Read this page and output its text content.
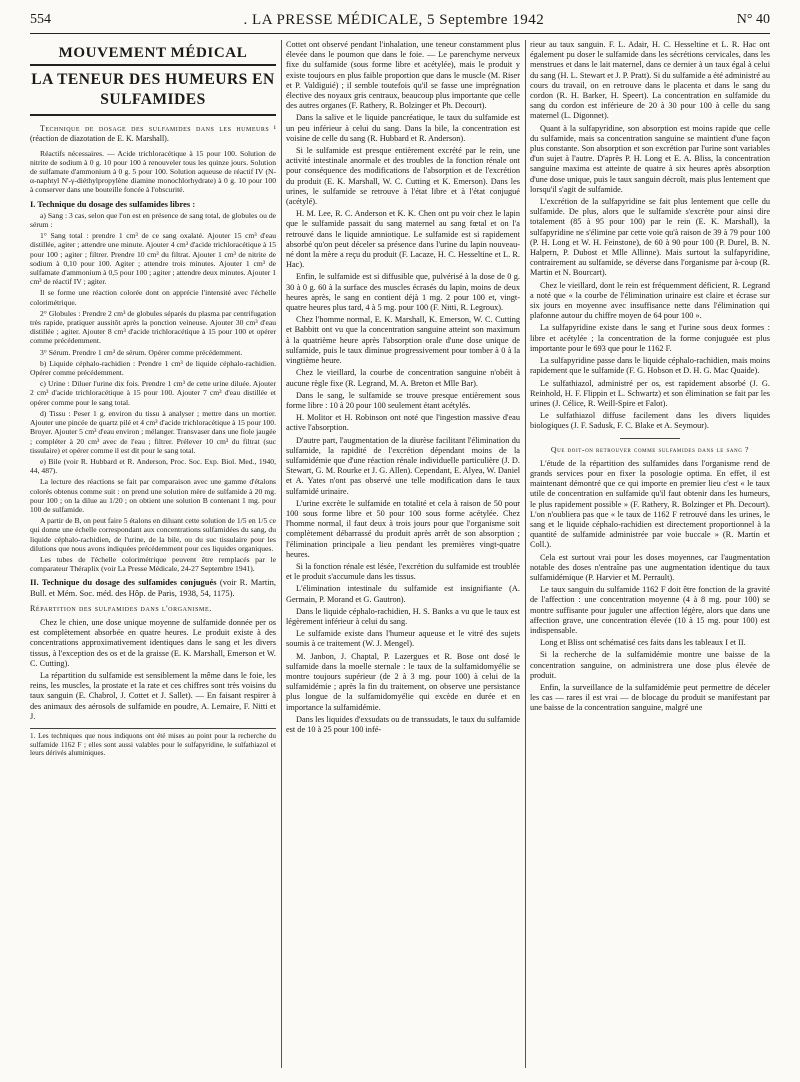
554	. LA PRESSE MÉDICALE, 5 Septembre 1942	N° 40
MOUVEMENT MÉDICAL
LA TENEUR DES HUMEURS EN SULFAMIDES

Technique de dosage des sulfamides dans les humeurs ¹ (réaction de diazotation de E. K. Marshall).

Réactifs nécessaires. — Acide trichloracétique à 15 pour 100. Solution de nitrite de sodium à 0 g. 10 pour 100 à renouveler tous les quinze jours. Solution de sulfamate d'ammonium à 0 g. 5 pour 100. Solution aqueuse de réactif IV (N-α-naphtyl N'-γ-diéthylpropylène diamine monochlorhydrate) à 0 g. 10 pour 100 à conserver dans une bouteille foncée à l'obscurité.

I. Technique du dosage des sulfamides libres :

a) Sang : 3 cas, selon que l'on est en présence de sang total, de globules ou de sérum :

1° Sang total : prendre 1 cm³ de ce sang oxalaté. Ajouter 15 cm³ d'eau distillée, agiter ; attendre une minute. Ajouter 4 cm³ d'acide trichloracétique à 15 pour 100 ; agiter ; filtrer. Prendre 10 cm³ du filtrat. Ajouter 1 cm³ de nitrite de sodium à 0,10 pour 100. Agiter ; attendre trois minutes. Ajouter 1 cm³ de sulfamate d'ammonium à 0,5 pour 100 ; agiter ; attendre deux minutes. Ajouter 1 cm³ de réactif IV ; agiter.

Il se forme une réaction colorée dont on apprécie l'intensité avec l'échelle colorimétrique.

2° Globules : Prendre 2 cm³ de globules séparés du plasma par centrifugation très rapide, pratiquer aussitôt après la ponction veineuse. Ajouter 30 cm³ d'eau distillée ; agiter. Ajouter 8 cm³ d'acide trichloracétique à 15 pour 100 et opérer comme précédemment.

3° Sérum. Prendre 1 cm³ de sérum. Opérer comme précédemment.

b) Liquide céphalo-rachidien : Prendre 1 cm³ de liquide céphalo-rachidien. Opérer comme précédemment.

c) Urine : Diluer l'urine dix fois. Prendre 1 cm³ de cette urine diluée. Ajouter 2 cm³ d'acide trichloracétique à 15 pour 100. Ajouter 7 cm³ d'eau distillée et opérer comme pour le sang total.

d) Tissu : Peser 1 g. environ du tissu à analyser ; mettre dans un mortier. Ajouter une pincée de quartz pilé et 4 cm³ d'acide trichloracétique à 15 pour 100. Broyer. Ajouter 5 cm³ d'eau environ ; mélanger. Transvaser dans une fiole jaugée ; compléter à 20 cm³ avec de l'eau ; filtrer. Prélever 10 cm³ du filtrat (suc tissulaire) et opérer comme il est dit pour le sang total.

e) Bile (voir R. Hubbard et R. Anderson, Proc. Soc. Exp. Biol. Med., 1940, 44, 487).

La lecture des réactions se fait par comparaison avec une gamme d'étalons colorés obtenus comme suit : on prend une solution mère de sulfamide à 20 mg. pour 100 ; on la dilue au 1/20 ; on obtient une solution B contenant 1 mg. pour 100 de sulfamide.

A partir de B, on peut faire 5 étalons en diluant cette solution de 1/5 en 1/5 ce qui donne une échelle correspondant aux concentrations sulfamidées du sang, du liquide céphalo-rachidien, de l'urine, de la bile, ou du suc tissulaire pour les dilutions que nous avons indiquées précédemment pour ces liquides organiques.

Les tubes de l'échelle colorimétrique peuvent être remplacés par le comparateur Théraplix (voir La Presse Médicale, 24-27 Septembre 1941).

II. Technique du dosage des sulfamides conjugués (voir R. Martin, Bull. et Mém. Soc. méd. des Hôp. de Paris, 1938, 54, 1175).

Répartition des sulfamides dans l'organisme.

Chez le chien, une dose unique moyenne de sulfamide donnée per os est complètement absorbée en quatre heures. Le produit existe à des concentrations approximativement identiques dans le sang et les divers tissus, à l'exception des os et de la graisse (E. K. Marshall, Emerson et W. C. Cutting).

La répartition du sulfamide est sensiblement la même dans le foie, les reins, les muscles, la prostate et la rate et ces chiffres sont très voisins du taux sanguin (E. Chabrol, J. Cottet et J. Sallet). — En faisant respirer à des animaux des aérosols de sulfamide en poudre, A. Lemaire, F. Nitti et J.

1. Les techniques que nous indiquons ont été mises au point pour la recherche du sulfamide 1162 F ; elles sont aussi valables pour le sulfapyridine, le sulfathiazol et leurs dérivés aluminiques.

Cottet ont observé pendant l'inhalation, une teneur constamment plus élevée dans le poumon que dans le foie. — Le parenchyme nerveux fixe du sulfamide (sous forme libre et acétylée), mais le produit y existe toujours en plus faible proportion que dans le muscle (M. Riser et P. Valdiguié) ; il semble toutefois qu'il se fasse une imprégnation élective des noyaux gris centraux, beaucoup plus importante que celle des autres organes (F. Rathery, R. Bolzinger et Ph. Decourt).

Dans la salive et le liquide pancréatique, le taux du sulfamide est un peu inférieur à celui du sang. Dans la bile, la concentration est voisine de celle du sang (R. Hubbard et R. Anderson).

Si le sulfamide est presque entièrement excrété par le rein, une activité intestinale anormale et des troubles de la fonction rénale ont pour conséquence des modifications de l'absorption et de l'excrétion du produit (E. K. Marshall, W. C. Cutting et K. Emerson). Dans les urines, le sulfamide se retrouve à l'état libre et à l'état conjugué (acétylé).

H. M. Lee, R. C. Anderson et K. K. Chen ont pu voir chez le lapin que le sulfamide passait du sang maternel au sang fœtal et on l'a retrouvé dans le liquide amniotique. Le sulfamide est si rapidement absorbé qu'on peut déceler sa présence dans l'urine du lapin nouveau-né dont la mère a reçu du produit (F. Lacaze, H. C. Hesseltine et L. R. Hac).

Enfin, le sulfamide est si diffusible que, pulvérisé à la dose de 0 g. 30 à 0 g. 60 à la surface des muscles écrasés du lapin, moins de deux heures après, le sang en contient déjà 1 mg. 2 pour 100 et, vingt-quatre heures plus tard, 4 à 5 mg. pour 100 (F. Nitti, R. Legroux).

Chez l'homme normal, E. K. Marshall, K. Emerson, W. C. Cutting et Babbitt ont vu que la concentration sanguine atteint son maximum à la quatrième heure après l'absorption orale d'une dose unique de sulfamide, puis le taux diminue progressivement pour tomber à 0 à la vingtième heure.

Chez le vieillard, la courbe de concentration sanguine n'obéit à aucune règle fixe (R. Legrand, M. A. Breton et Mlle Bar).

Dans le sang, le sulfamide se trouve presque entièrement sous forme libre : 10 à 20 pour 100 seulement étant acétylés.

H. Molitor et H. Robinson ont noté que l'ingestion massive d'eau active l'absorption.

D'autre part, l'augmentation de la diurèse facilitant l'élimination du sulfamide, la rapidité de l'excrétion dépendant moins de la sulfamidémie que d'une réaction rénale individuelle particulière (J. D. Stewart, G. M. Rourke et J. G. Allen). Cependant, E. Alyea, W. Daniel et A. Yates n'ont pas observé une telle modification dans le taux sulfamidé urinaire.

L'urine excrète le sulfamide en totalité et cela à raison de 50 pour 100 sous forme libre et 50 pour 100 sous forme acétylée. Chez l'homme normal, il faut deux à trois jours pour que l'organisme soit complètement débarrassé du produit après arrêt de son absorption ; l'élimination principale a lieu pendant les premières vingt-quatre heures.

Si la fonction rénale est lésée, l'excrétion du sulfamide est troublée et le produit s'accumule dans les tissus.

L'élimination intestinale du sulfamide est insignifiante (A. Germain, P. Morand et G. Gautron).

Dans le liquide céphalo-rachidien, H. S. Banks a vu que le taux est légèrement inférieur à celui du sang.

Le sulfamide existe dans l'humeur aqueuse et le vitré des sujets soumis à ce traitement (W. J. Mengel).

M. Janbon, J. Chaptal, P. Lazergues et R. Bose ont dosé le sulfamide dans la moelle sternale : le taux de la sulfamidomyélie se montre toujours supérieur (de 2 à 3 mg. pour 100) à celui de la sulfamidémie ; après la fin du traitement, on observe une persistance plus longue de la sulfamidomyélie qui excède en durée et en importance la sulfamidémie.

Dans les liquides d'exsudats ou de transsudats, le taux du sulfamide est de 10 à 25 pour 100 infé-

rieur au taux sanguin. F. L. Adair, H. C. Hesseltine et L. R. Hac ont également pu doser le sulfamide dans les sécrétions cervicales, dans les menstrues et dans le lait maternel, dans ce dernier à un taux égal à celui du sang (H. L. Stewart et J. P. Pratt). Si du sulfamide a été administré au cours du travail, on en retrouve dans le placenta et dans le sang du cordon (R. H. Barker, H. Speert). La concentration en sulfamide du sang du cordon est inférieure de 20 à 30 pour 100 à celle du sang maternel (L. Digonnet).

Quant à la sulfapyridine, son absorption est moins rapide que celle du sulfamide, mais sa concentration sanguine se maintient d'une façon plus constante. Son absorption et son excrétion par l'urine sont variables d'un sujet à l'autre. D'après P. H. Long et E. A. Bliss, la concentration sanguine maxima est atteinte de quatre à six heures après absorption d'une dose unique, puis le taux sanguin décroît, mais plus lentement que lorsqu'il s'agit de sulfamide.

L'excrétion de la sulfapyridine se fait plus lentement que celle du sulfamide. De plus, alors que le sulfamide s'excrète pour ainsi dire totalement (85 à 95 pour 100) par le rein (E. K. Marshall), la sulfapyridine ne s'élimine par cette voie qu'à raison de 39 à 79 pour 100 (P. H. Long et W. H. Feinstone), de 60 à 90 pour 100 (P. Durel, B. N. Halpern, P. Dubost et Mlle Allinne). Mais surtout la sulfapyridine, contrairement au sulfamide, se déverse dans l'organisme par à-coup (R. Martin et N. Bourcart).

Chez le vieillard, dont le rein est fréquemment déficient, R. Legrand a noté que « la courbe de l'élimination urinaire est claire et écrase sur six jours en moyenne avec insuffisance nette dans l'élimination qui plafonne autour du chiffre moyen de 64 pour 100 ».

La sulfapyridine existe dans le sang et l'urine sous deux formes : libre et acétylée ; la concentration de la forme conjuguée est plus importante pour le 693 que pour le 1162 F.

La sulfapyridine passe dans le liquide céphalo-rachidien, mais moins rapidement que le sulfamide (F. G. Hobson et D. H. G. Mac Quaide).

Le sulfathiazol, administré per os, est rapidement absorbé (J. G. Reinhold, H. F. Flippin et L. Schwartz) et son élimination se fait par les urines (J. Célice, R. Weill-Spire et Falot).

Le sulfathiazol diffuse facilement dans les divers liquides biologiques (J. F. Sadusk, F. C. Blake et A. Seymour).

Que doit-on retrouver comme sulfamides dans le sang ?

L'étude de la répartition des sulfamides dans l'organisme rend de grands services pour en fixer la posologie optima. En effet, il est maintenant démontré que ce qui importe en premier lieu c'est « le taux utile de concentration en sulfamide qu'il faut obtenir dans les humeurs, le plus rapidement possible » (F. Rathery, R. Bolzinger et Ph. Decourt). L'on n'oubliera pas que « le taux de 1162 F retrouvé dans les urines, le sang et le liquide céphalo-rachidien est directement proportionnel à la quantité de sulfamide administrée par voie buccale » (R. Martin et Coll.).

Cela est surtout vrai pour les doses moyennes, car l'augmentation notable des doses n'entraîne pas une augmentation identique du taux sulfamidémique (P. Harvier et M. Perrault).

Le taux sanguin du sulfamide 1162 F doit être fonction de la gravité de l'affection : une concentration moyenne (4 à 8 mg. pour 100) se montre suffisante pour juguler une affection légère, alors que dans une affection grave, une concentration élevée (10 à 15 mg. pour 100) est indispensable.

Long et Bliss ont schématisé ces faits dans les tableaux I et II.

Si la recherche de la sulfamidémie montre une baisse de la concentration sanguine, on administrera une dose plus élevée de produit.

Enfin, la surveillance de la sulfamidémie peut permettre de déceler les cas — rares il est vrai — de blocage du produit se manifestant par une baisse de la concentration sanguine, malgré une
